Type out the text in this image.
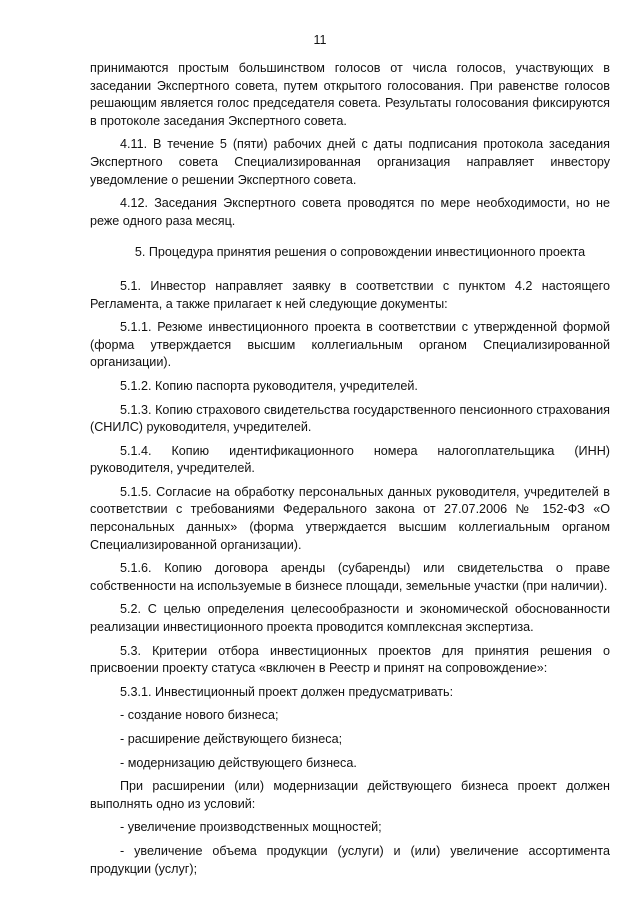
11

принимаются простым большинством голосов от числа голосов, участвующих в заседании Экспертного совета, путем открытого голосования. При равенстве голосов решающим является голос председателя совета. Результаты голосования фиксируются в протоколе заседания Экспертного совета.

4.11. В течение 5 (пяти) рабочих дней с даты подписания протокола заседания Экспертного совета Специализированная организация направляет инвестору уведомление о решении Экспертного совета.

4.12. Заседания Экспертного совета проводятся по мере необходимости, но не реже одного раза месяц.

5. Процедура принятия решения о сопровождении инвестиционного проекта

5.1. Инвестор направляет заявку в соответствии с пунктом 4.2 настоящего Регламента, а также прилагает к ней следующие документы:

5.1.1. Резюме инвестиционного проекта в соответствии с утвержденной формой (форма утверждается высшим коллегиальным органом Специализированной организации).

5.1.2. Копию паспорта руководителя, учредителей.

5.1.3. Копию страхового свидетельства государственного пенсионного страхования (СНИЛС) руководителя, учредителей.

5.1.4. Копию идентификационного номера налогоплательщика (ИНН) руководителя, учредителей.

5.1.5. Согласие на обработку персональных данных руководителя, учредителей в соответствии с требованиями Федерального закона от 27.07.2006 № 152-ФЗ «О персональных данных» (форма утверждается высшим коллегиальным органом Специализированной организации).

5.1.6. Копию договора аренды (субаренды) или свидетельства о праве собственности на используемые в бизнесе площади, земельные участки (при наличии).

5.2. С целью определения целесообразности и экономической обоснованности реализации инвестиционного проекта проводится комплексная экспертиза.

5.3. Критерии отбора инвестиционных проектов для принятия решения о присвоении проекту статуса «включен в Реестр и принят на сопровождение»:

5.3.1. Инвестиционный проект должен предусматривать:

- создание нового бизнеса;

- расширение действующего бизнеса;

- модернизацию действующего бизнеса.

При расширении (или) модернизации действующего бизнеса проект должен выполнять одно из условий:

- увеличение производственных мощностей;

- увеличение объема продукции (услуги) и (или) увеличение ассортимента продукции (услуг);
